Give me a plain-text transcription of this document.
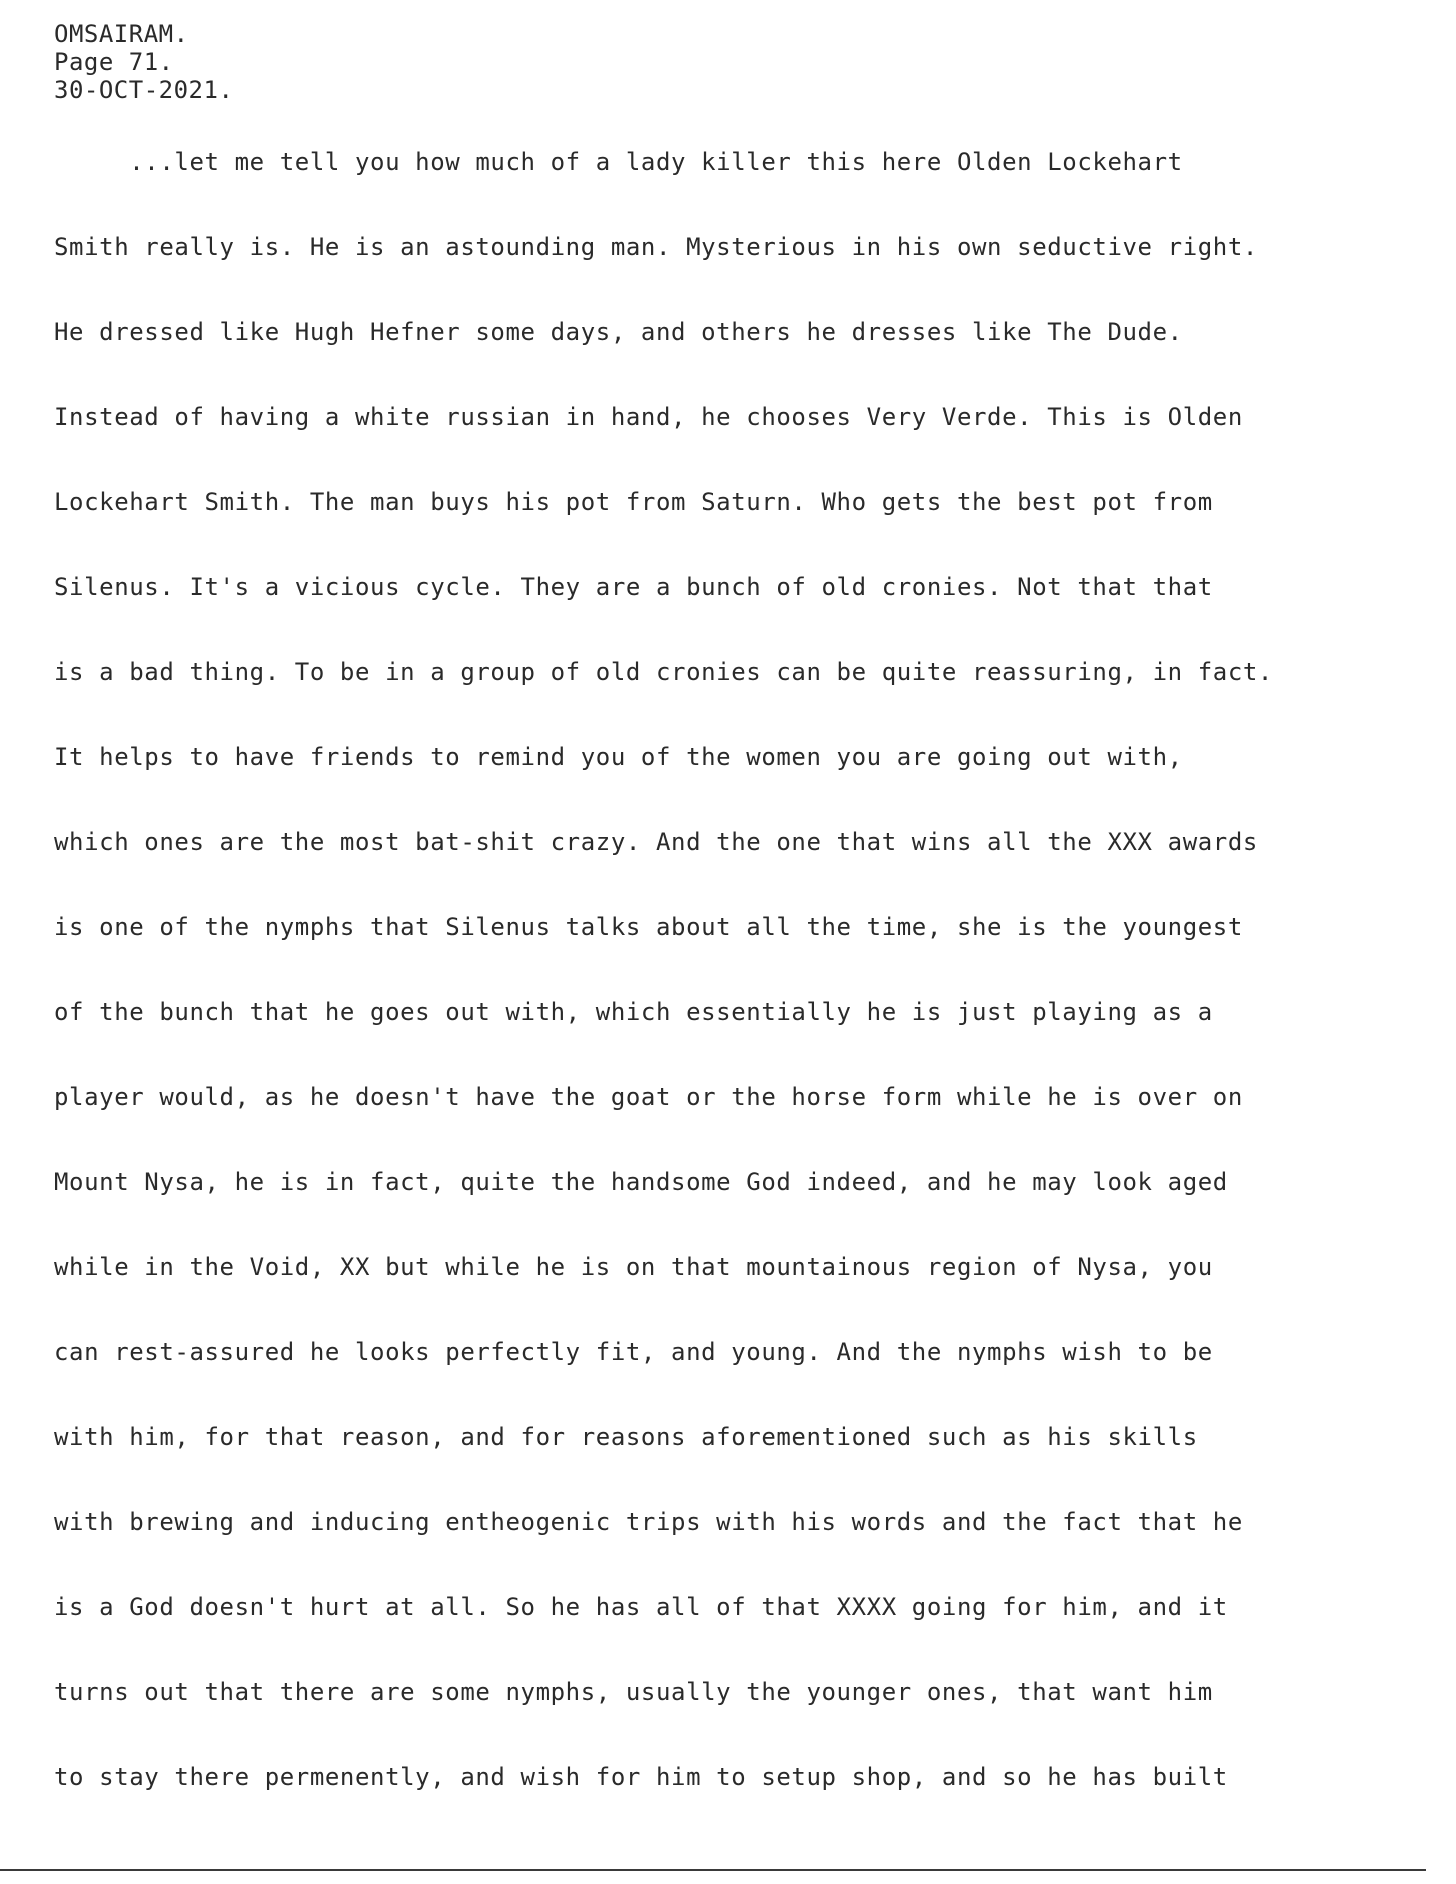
OMSAIRAM.
Page 71.
30-OCT-2021.
...let me tell you how much of a lady killer this here Olden Lockehart
Smith really is. He is an astounding man. Mysterious in his own seductive right.
He dressed like Hugh Hefner some days, and others he dresses like The Dude.
Instead of having a white russian in hand, he chooses Very Verde. This is Olden
Lockehart Smith. The man buys his pot from Saturn. Who gets the best pot from
Silenus. It's a vicious cycle. They are a bunch of old cronies. Not that that
is a bad thing. To be in a group of old cronies can be quite reassuring, in fact.
It helps to have friends to remind you of the women you are going out with,
which ones are the most bat-shit crazy. And the one that wins all the XXX awards
is one of the nymphs that Silenus talks about all the time, she is the youngest
of the bunch that he goes out with, which essentially he is just playing as a
player would, as he doesn't have the goat or the horse form while he is over on
Mount Nysa, he is in fact, quite the handsome God indeed, and he may look aged
while in the Void, XX but while he is on that mountainous region of Nysa, you
can rest-assured he looks perfectly fit, and young. And the nymphs wish to be
with him, for that reason, and for reasons aforementioned such as his skills
with brewing and inducing entheogenic trips with his words and the fact that he
is a God doesn't hurt at all. So he has all of that XXXX going for him, and it
turns out that there are some nymphs, usually the younger ones, that want him
to stay there permenently, and wish for him to setup shop, and so he has built
